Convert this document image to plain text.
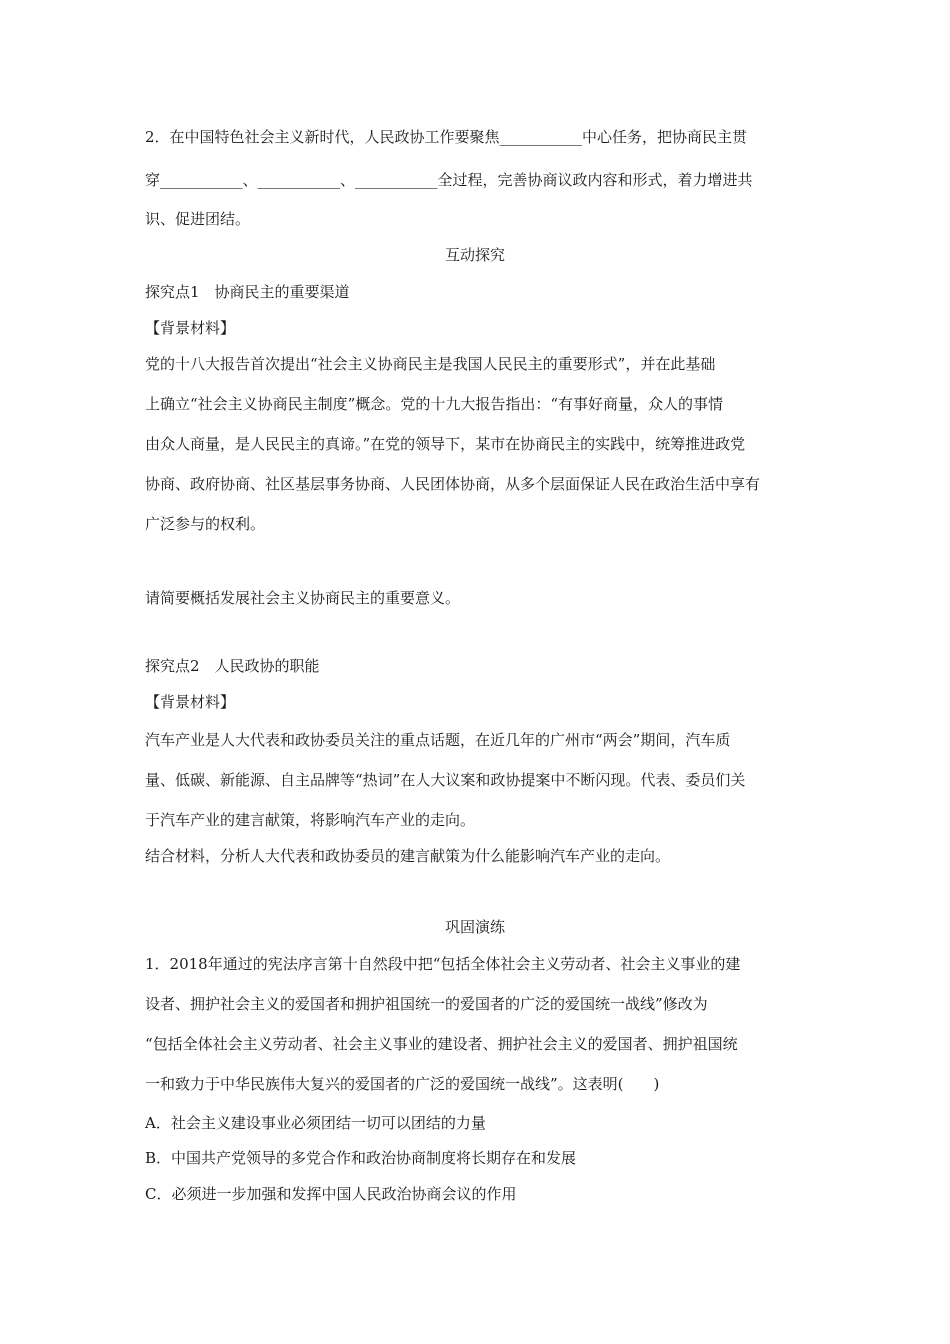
2．在中国特色社会主义新时代，人民政协工作要聚焦___________中心任务，把协商民主贯
穿___________、___________、___________全过程，完善协商议政内容和形式，着力增进共
识、促进团结。
互动探究
探究点1　协商民主的重要渠道
【背景材料】
党的十八大报告首次提出“社会主义协商民主是我国人民民主的重要形式”，并在此基础
上确立“社会主义协商民主制度”概念。党的十九大报告指出：“有事好商量，众人的事情
由众人商量，是人民民主的真谛。”在党的领导下，某市在协商民主的实践中，统筹推进政党
协商、政府协商、社区基层事务协商、人民团体协商，从多个层面保证人民在政治生活中享有
广泛参与的权利。
请简要概括发展社会主义协商民主的重要意义。
探究点2　人民政协的职能
【背景材料】
汽车产业是人大代表和政协委员关注的重点话题，在近几年的广州市“两会”期间，汽车质
量、低碳、新能源、自主品牌等“热词”在人大议案和政协提案中不断闪现。代表、委员们关
于汽车产业的建言献策，将影响汽车产业的走向。
结合材料，分析人大代表和政协委员的建言献策为什么能影响汽车产业的走向。
巩固演练
1．2018年通过的宪法序言第十自然段中把“包括全体社会主义劳动者、社会主义事业的建
设者、拥护社会主义的爱国者和拥护祖国统一的爱国者的广泛的爱国统一战线”修改为
“包括全体社会主义劳动者、社会主义事业的建设者、拥护社会主义的爱国者、拥护祖国统
一和致力于中华民族伟大复兴的爱国者的广泛的爱国统一战线”。这表明(　　)
A．社会主义建设事业必须团结一切可以团结的力量
B．中国共产党领导的多党合作和政治协商制度将长期存在和发展
C．必须进一步加强和发挥中国人民政治协商会议的作用
